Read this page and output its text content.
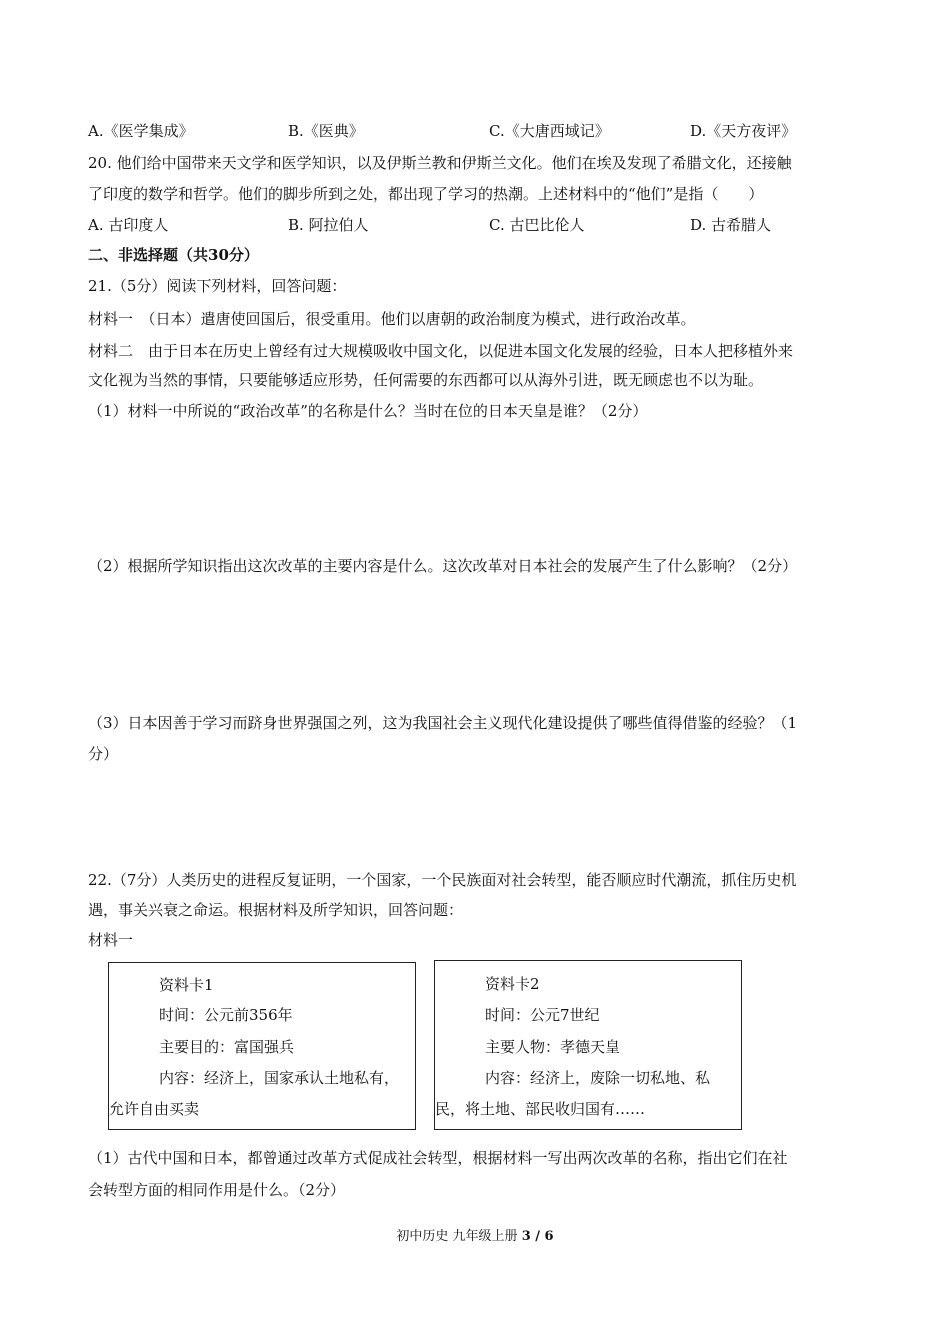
A.《医学集成》	B.《医典》	C.《大唐西域记》	D.《天方夜评》
20. 他们给中国带来天文学和医学知识，以及伊斯兰教和伊斯兰文化。他们在埃及发现了希腊文化，还接触
了印度的数学和哲学。他们的脚步所到之处，都出现了学习的热潮。上述材料中的“他们”是指（　　）
A. 古印度人	B. 阿拉伯人	C. 古巴比伦人	D. 古希腊人
二、非选择题（共30分）
21.（5分）阅读下列材料，回答问题：
材料一　（日本）遣唐使回国后，很受重用。他们以唐朝的政治制度为模式，进行政治改革。
材料二　由于日本在历史上曾经有过大规模吸收中国文化，以促进本国文化发展的经验，日本人把移植外来
文化视为当然的事情，只要能够适应形势，任何需要的东西都可以从海外引进，既无顾虑也不以为耻。
（1）材料一中所说的“政治改革”的名称是什么？当时在位的日本天皇是谁？（2分）
（2）根据所学知识指出这次改革的主要内容是什么。这次改革对日本社会的发展产生了什么影响？（2分）
（3）日本因善于学习而跻身世界强国之列，这为我国社会主义现代化建设提供了哪些值得借鉴的经验？（1
分）
22.（7分）人类历史的进程反复证明，一个国家，一个民族面对社会转型，能否顺应时代潮流，抓住历史机
遇，事关兴衰之命运。根据材料及所学知识，回答问题：
材料一
资料卡1
时间：公元前356年
主要目的：富国强兵
内容：经济上，国家承认土地私有，
允许自由买卖
资料卡2
时间：公元7世纪
主要人物：孝德天皇
内容：经济上，废除一切私地、私
民，将土地、部民收归国有……
（1）古代中国和日本，都曾通过改革方式促成社会转型，根据材料一写出两次改革的名称，指出它们在社
会转型方面的相同作用是什么。（2分）
初中历史 九年级上册 3 / 6
